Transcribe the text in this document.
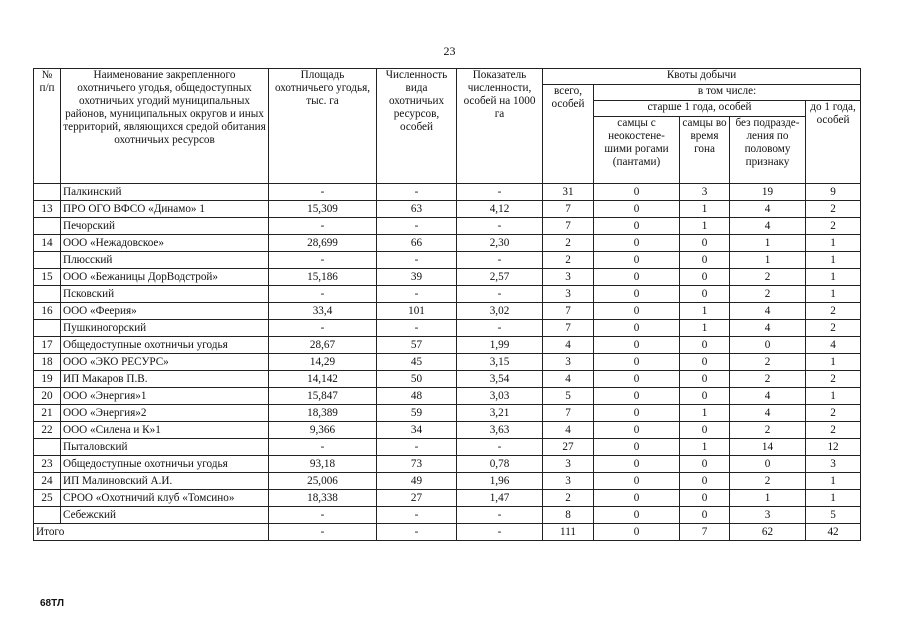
23
№ п/п	Наименование закрепленного охотничьего угодья, общедоступных охотничьих угодий муниципальных районов, муниципальных округов и иных территорий, являющихся средой обитания охотничьих ресурсов	Площадь охотничьего угодья, тыс. га	Численность вида охотничьих ресурсов, особей	Показатель численности, особей на 1000 га	Квоты добычи				
					всего, особей	в том числе:			
						старше 1 года, особей			до 1 года, особей
						самцы с неокостене-шими рогами (пантами)	самцы во время гона	без подразде-ления по половому признаку	
	Палкинский	-	-	-	31	0	3	19	9
13	ПРО ОГО ВФСО «Динамо» 1	15,309	63	4,12	7	0	1	4	2
	Печорский	-	-	-	7	0	1	4	2
14	ООО «Нежадовское»	28,699	66	2,30	2	0	0	1	1
	Плюсский	-	-	-	2	0	0	1	1
15	ООО «Бежаницы ДорВодстрой»	15,186	39	2,57	3	0	0	2	1
	Псковский	-	-	-	3	0	0	2	1
16	ООО «Феерия»	33,4	101	3,02	7	0	1	4	2
	Пушкиногорский	-	-	-	7	0	1	4	2
17	Общедоступные охотничьи угодья	28,67	57	1,99	4	0	0	0	4
18	ООО «ЭКО РЕСУРС»	14,29	45	3,15	3	0	0	2	1
19	ИП Макаров П.В.	14,142	50	3,54	4	0	0	2	2
20	ООО «Энергия»1	15,847	48	3,03	5	0	0	4	1
21	ООО «Энергия»2	18,389	59	3,21	7	0	1	4	2
22	ООО «Силена и К»1	9,366	34	3,63	4	0	0	2	2
	Пыталовский	-	-	-	27	0	1	14	12
23	Общедоступные охотничьи угодья	93,18	73	0,78	3	0	0	0	3
24	ИП Малиновский А.И.	25,006	49	1,96	3	0	0	2	1
25	СРОО «Охотничий клуб «Томсино»	18,338	27	1,47	2	0	0	1	1
	Себежский	-	-	-	8	0	0	3	5
Итого		-	-	-	111	0	7	62	42
68ТЛ
